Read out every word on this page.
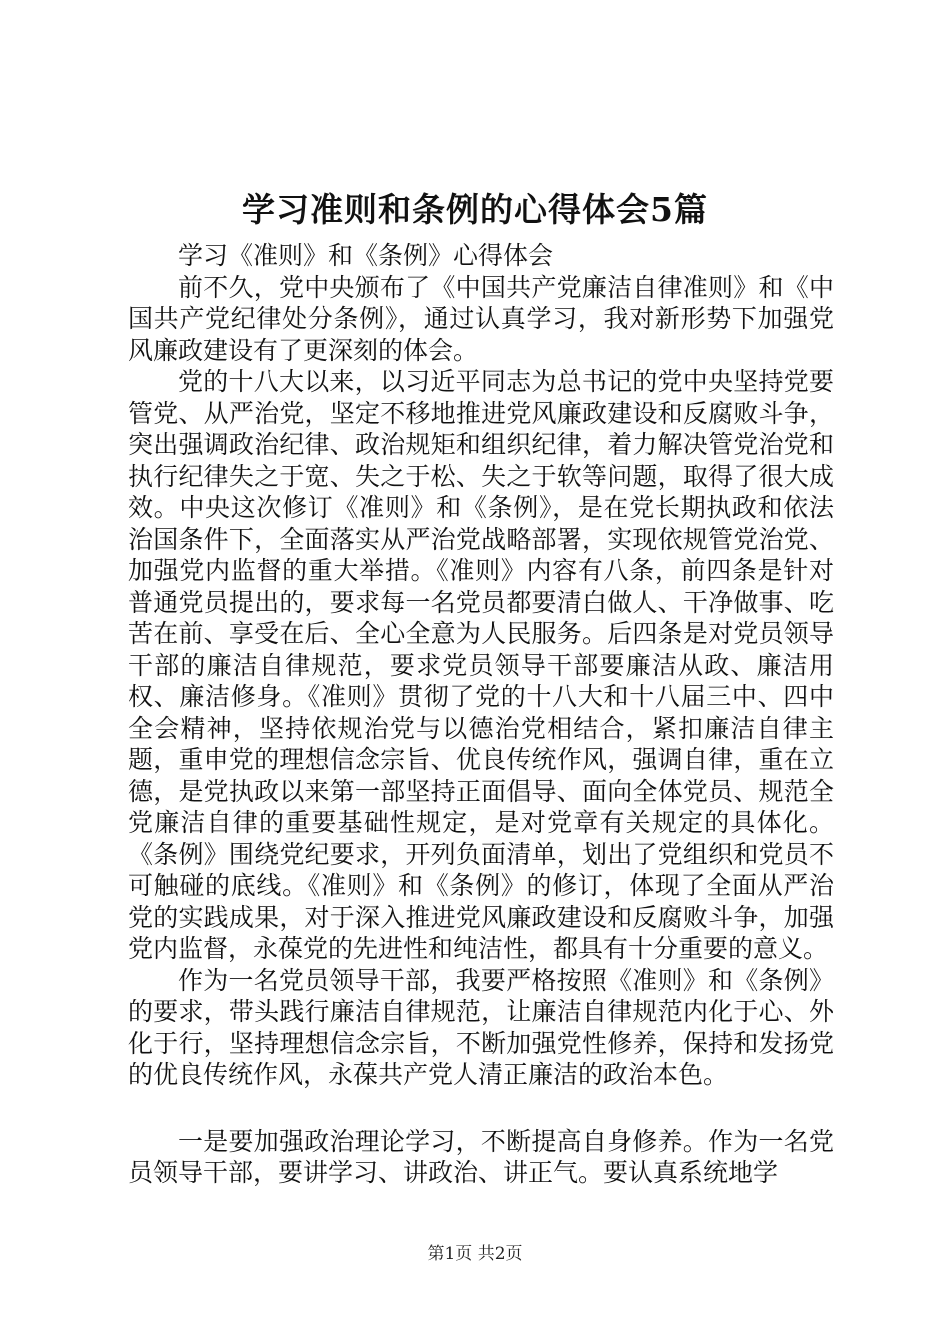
学习准则和条例的心得体会5篇

学习《准则》和《条例》心得体会

前不久，党中央颁布了《中国共产党廉洁自律准则》和《中国共产党纪律处分条例》，通过认真学习，我对新形势下加强党风廉政建设有了更深刻的体会。

党的十八大以来，以习近平同志为总书记的党中央坚持党要管党、从严治党，坚定不移地推进党风廉政建设和反腐败斗争，突出强调政治纪律、政治规矩和组织纪律，着力解决管党治党和执行纪律失之于宽、失之于松、失之于软等问题，取得了很大成效。中央这次修订《准则》和《条例》，是在党长期执政和依法治国条件下，全面落实从严治党战略部署，实现依规管党治党、加强党内监督的重大举措。《准则》内容有八条，前四条是针对普通党员提出的，要求每一名党员都要清白做人、干净做事、吃苦在前、享受在后、全心全意为人民服务。后四条是对党员领导干部的廉洁自律规范，要求党员领导干部要廉洁从政、廉洁用权、廉洁修身。《准则》贯彻了党的十八大和十八届三中、四中全会精神，坚持依规治党与以德治党相结合，紧扣廉洁自律主题，重申党的理想信念宗旨、优良传统作风，强调自律，重在立德，是党执政以来第一部坚持正面倡导、面向全体党员、规范全党廉洁自律的重要基础性规定，是对党章有关规定的具体化。《条例》围绕党纪要求，开列负面清单，划出了党组织和党员不可触碰的底线。《准则》和《条例》的修订，体现了全面从严治党的实践成果，对于深入推进党风廉政建设和反腐败斗争，加强党内监督，永葆党的先进性和纯洁性，都具有十分重要的意义。

作为一名党员领导干部，我要严格按照《准则》和《条例》的要求，带头践行廉洁自律规范，让廉洁自律规范内化于心、外化于行，坚持理想信念宗旨，不断加强党性修养，保持和发扬党的优良传统作风，永葆共产党人清正廉洁的政治本色。

一是要加强政治理论学习，不断提高自身修养。作为一名党员领导干部，要讲学习、讲政治、讲正气。要认真系统地学

第1页 共2页
